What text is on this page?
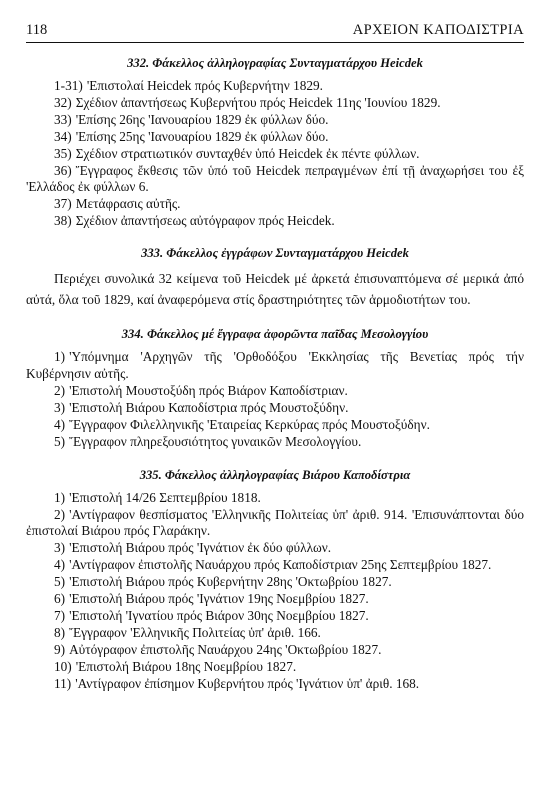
118	ΑΡΧΕΙΟΝ ΚΑΠΟΔΙΣΤΡΙΑ

332. Φάκελλος ἀλληλογραφίας Συνταγματάρχου Heicdek

1-31) 'Επιστολαί Heicdek πρός Κυβερνήτην 1829.

32) Σχέδιον ἀπαντήσεως Κυβερνήτου πρός Heicdek 11ης 'Ιουνίου 1829.

33) 'Επίσης 26ης 'Ιανουαρίου 1829 ἐκ φύλλων δύο.

34) 'Επίσης 25ης 'Ιανουαρίου 1829 ἐκ φύλλων δύο.

35) Σχέδιον στρατιωτικόν συνταχθέν ὑπό Heicdek ἐκ πέντε φύλλων.

36) Ἔγγραφος ἔκθεσις τῶν ὑπό τοῦ Heicdek πεπραγμένων ἐπί τῇ ἀναχωρήσει του ἐξ 'Ελλάδος ἐκ φύλλων 6.

37) Μετάφρασις αὐτῆς.

38) Σχέδιον ἀπαντήσεως αὐτόγραφον πρός Heicdek.

333. Φάκελλος ἐγγράφων Συνταγματάρχου Heicdek

Περιέχει συνολικά 32 κείμενα τοῦ Heicdek μέ ἀρκετά ἐπισυναπτόμενα σέ μερικά ἀπό αὐτά, ὅλα τοῦ 1829, καί ἀναφερόμενα στίς δραστηριότητες τῶν ἁρμοδιοτήτων του.

334. Φάκελλος μέ ἔγγραφα ἀφορῶντα παῖδας Μεσολογγίου

1) 'Υπόμνημα 'Αρχηγῶν τῆς 'Ορθοδόξου 'Εκκλησίας τῆς Βενετίας πρός τήν Κυβέρνησιν αὐτῆς.

2) 'Επιστολή Μουστοξύδη πρός Βιάρον Καποδίστριαν.

3) 'Επιστολή Βιάρου Καποδίστρια πρός Μουστοξύδην.

4) Ἔγγραφον Φιλελληνικῆς 'Εταιρείας Κερκύρας πρός Μουστοξύδην.

5) Ἔγγραφον πληρεξουσιότητος γυναικῶν Μεσολογγίου.

335. Φάκελλος ἀλληλογραφίας Βιάρου Καποδίστρια

1) 'Επιστολή 14/26 Σεπτεμβρίου 1818.

2) 'Αντίγραφον θεσπίσματος 'Ελληνικῆς Πολιτείας ὑπ' ἀριθ. 914. 'Επισυνάπτονται δύο ἐπιστολαί Βιάρου πρός Γλαράκην.

3) 'Επιστολή Βιάρου πρός 'Ιγνάτιον ἐκ δύο φύλλων.

4) 'Αντίγραφον ἐπιστολῆς Ναυάρχου πρός Καποδίστριαν 25ης Σεπτεμβρίου 1827.

5) 'Επιστολή Βιάρου πρός Κυβερνήτην 28ης 'Οκτωβρίου 1827.

6) 'Επιστολή Βιάρου πρός 'Ιγνάτιον 19ης Νοεμβρίου 1827.

7) 'Επιστολή 'Ιγνατίου πρός Βιάρον 30ης Νοεμβρίου 1827.

8) Ἔγγραφον 'Ελληνικῆς Πολιτείας ὑπ' ἀριθ. 166.

9) Αὐτόγραφον ἐπιστολῆς Ναυάρχου 24ης 'Οκτωβρίου 1827.

10) 'Επιστολή Βιάρου 18ης Νοεμβρίου 1827.

11) 'Αντίγραφον ἐπίσημον Κυβερνήτου πρός 'Ιγνάτιον ὑπ' ἀριθ. 168.
